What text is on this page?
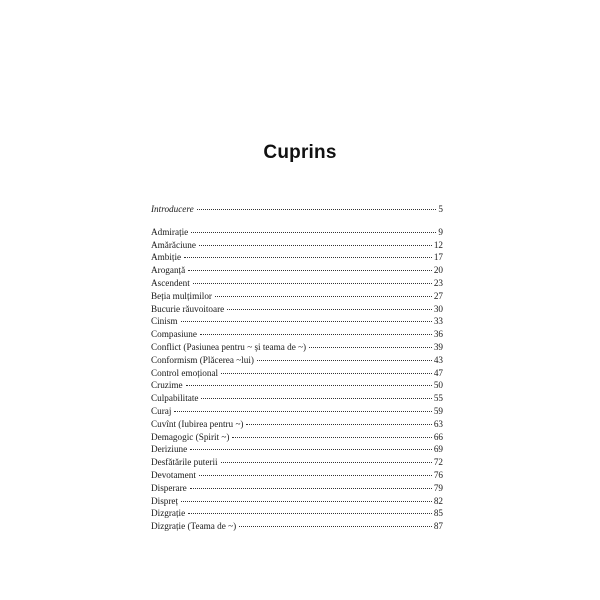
Cuprins
Introducere	5
Admirație	9
Amărăciune	12
Ambiție	17
Aroganță	20
Ascendent	23
Beția mulțimilor	27
Bucurie răuvoitoare	30
Cinism	33
Compasiune	36
Conflict (Pasiunea pentru ~ și teama de ~)	39
Conformism (Plăcerea ~lui)	43
Control emoțional	47
Cruzime	50
Culpabilitate	55
Curaj	59
Cuvînt (Iubirea pentru ~)	63
Demagogic (Spirit ~)	66
Deriziune	69
Desfătările puterii	72
Devotament	76
Disperare	79
Dispreț	82
Dizgrație	85
Dizgrație (Teama de ~)	87
